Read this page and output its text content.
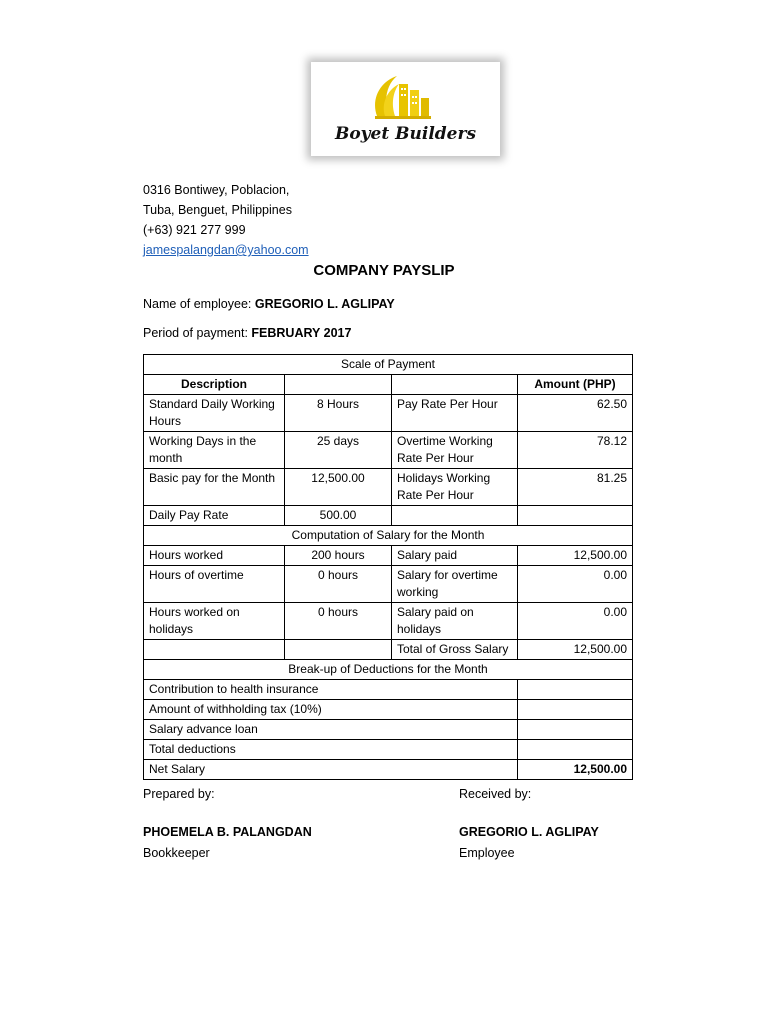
Boyet Builders
0316 Bontiwey, Poblacion,
Tuba, Benguet, Philippines
(+63) 921 277 999
jamespalangdan@yahoo.com
COMPANY PAYSLIP
Name of employee: GREGORIO L. AGLIPAY
Period of payment: FEBRUARY 2017
Scale of Payment			
Description			Amount (PHP)
Standard Daily Working Hours	8 Hours	Pay Rate Per Hour	62.50
Working Days in the month	25 days	Overtime Working Rate Per Hour	78.12
Basic pay for the Month	12,500.00	Holidays Working Rate Per Hour	81.25
Daily Pay Rate	500.00		
Computation of Salary for the Month			
Hours worked	200 hours	Salary paid	12,500.00
Hours of overtime	0 hours	Salary for overtime working	0.00
Hours worked on holidays	0 hours	Salary paid on holidays	0.00
		Total of Gross Salary	12,500.00
Break-up of Deductions for the Month			
Contribution to health insurance			
Amount of withholding tax (10%)			
Salary advance loan			
Total deductions			
Net Salary			12,500.00
Prepared by:	Received by:
PHOEMELA B. PALANGDAN	GREGORIO L. AGLIPAY
Bookkeeper	Employee
